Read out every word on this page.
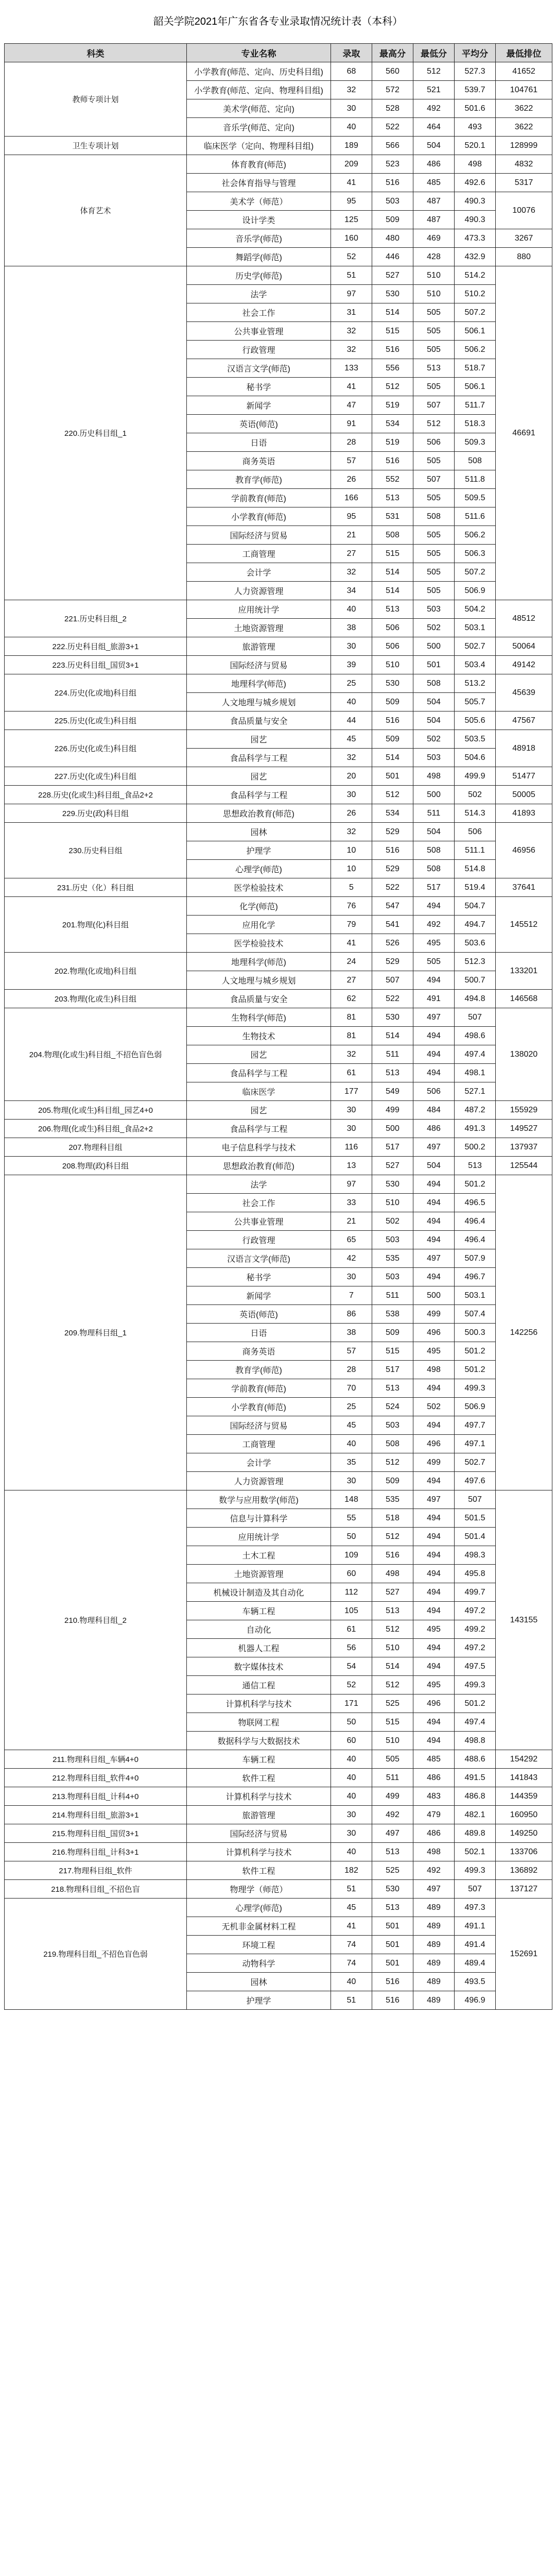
韶关学院2021年广东省各专业录取情况统计表（本科）
科类	专业名称	录取	最高分	最低分	平均分	最低排位
教师专项计划	小学教育(师范、定向、历史科目组)	68	560	512	527.3	41652
	小学教育(师范、定向、物理科目组)	32	572	521	539.7	104761
	美术学(师范、定向)	30	528	492	501.6	3622
	音乐学(师范、定向)	40	522	464	493	3622
卫生专项计划	临床医学（定向、物理科目组)	189	566	504	520.1	128999
体育艺术	体育教育(师范)	209	523	486	498	4832
	社会体育指导与管理	41	516	485	492.6	5317
	美术学（师范）	95	503	487	490.3	10076
	设计学类	125	509	487	490.3	
	音乐学(师范)	160	480	469	473.3	3267
	舞蹈学(师范)	52	446	428	432.9	880
220.历史科目组_1	历史学(师范)	51	527	510	514.2	46691
	法学	97	530	510	510.2	
	社会工作	31	514	505	507.2	
	公共事业管理	32	515	505	506.1	
	行政管理	32	516	505	506.2	
	汉语言文学(师范)	133	556	513	518.7	
	秘书学	41	512	505	506.1	
	新闻学	47	519	507	511.7	
	英语(师范)	91	534	512	518.3	
	日语	28	519	506	509.3	
	商务英语	57	516	505	508	
	教育学(师范)	26	552	507	511.8	
	学前教育(师范)	166	513	505	509.5	
	小学教育(师范)	95	531	508	511.6	
	国际经济与贸易	21	508	505	506.2	
	工商管理	27	515	505	506.3	
	会计学	32	514	505	507.2	
	人力资源管理	34	514	505	506.9	
221.历史科目组_2	应用统计学	40	513	503	504.2	48512
	土地资源管理	38	506	502	503.1	
222.历史科目组_旅游3+1	旅游管理	30	506	500	502.7	50064
223.历史科目组_国贸3+1	国际经济与贸易	39	510	501	503.4	49142
224.历史(化或地)科目组	地理科学(师范)	25	530	508	513.2	45639
	人文地理与城乡规划	40	509	504	505.7	
225.历史(化或生)科目组	食品质量与安全	44	516	504	505.6	47567
226.历史(化或生)科目组	园艺	45	509	502	503.5	48918
	食品科学与工程	32	514	503	504.6	
227.历史(化或生)科目组	园艺	20	501	498	499.9	51477
228.历史(化或生)科目组_食品2+2	食品科学与工程	30	512	500	502	50005
229.历史(政)科目组	思想政治教育(师范)	26	534	511	514.3	41893
230.历史科目组	园林	32	529	504	506	46956
	护理学	10	516	508	511.1	
	心理学(师范)	10	529	508	514.8	
231.历史（化）科目组	医学检验技术	5	522	517	519.4	37641
201.物理(化)科目组	化学(师范)	76	547	494	504.7	145512
	应用化学	79	541	492	494.7	
	医学检验技术	41	526	495	503.6	
202.物理(化或地)科目组	地理科学(师范)	24	529	505	512.3	133201
	人文地理与城乡规划	27	507	494	500.7	
203.物理(化或生)科目组	食品质量与安全	62	522	491	494.8	146568
204.物理(化或生)科目组_不招色盲色弱	生物科学(师范)	81	530	497	507	138020
	生物技术	81	514	494	498.6	
	园艺	32	511	494	497.4	
	食品科学与工程	61	513	494	498.1	
	临床医学	177	549	506	527.1	
205.物理(化或生)科目组_园艺4+0	园艺	30	499	484	487.2	155929
206.物理(化或生)科目组_食品2+2	食品科学与工程	30	500	486	491.3	149527
207.物理科目组	电子信息科学与技术	116	517	497	500.2	137937
208.物理(政)科目组	思想政治教育(师范)	13	527	504	513	125544
209.物理科目组_1	法学	97	530	494	501.2	142256
	社会工作	33	510	494	496.5	
	公共事业管理	21	502	494	496.4	
	行政管理	65	503	494	496.4	
	汉语言文学(师范)	42	535	497	507.9	
	秘书学	30	503	494	496.7	
	新闻学	7	511	500	503.1	
	英语(师范)	86	538	499	507.4	
	日语	38	509	496	500.3	
	商务英语	57	515	495	501.2	
	教育学(师范)	28	517	498	501.2	
	学前教育(师范)	70	513	494	499.3	
	小学教育(师范)	25	524	502	506.9	
	国际经济与贸易	45	503	494	497.7	
	工商管理	40	508	496	497.1	
	会计学	35	512	499	502.7	
	人力资源管理	30	509	494	497.6	
210.物理科目组_2	数学与应用数学(师范)	148	535	497	507	143155
	信息与计算科学	55	518	494	501.5	
	应用统计学	50	512	494	501.4	
	土木工程	109	516	494	498.3	
	土地资源管理	60	498	494	495.8	
	机械设计制造及其自动化	112	527	494	499.7	
	车辆工程	105	513	494	497.2	
	自动化	61	512	495	499.2	
	机器人工程	56	510	494	497.2	
	数字媒体技术	54	514	494	497.5	
	通信工程	52	512	495	499.3	
	计算机科学与技术	171	525	496	501.2	
	物联网工程	50	515	494	497.4	
	数据科学与大数据技术	60	510	494	498.8	
211.物理科目组_车辆4+0	车辆工程	40	505	485	488.6	154292
212.物理科目组_软件4+0	软件工程	40	511	486	491.5	141843
213.物理科目组_计科4+0	计算机科学与技术	40	499	483	486.8	144359
214.物理科目组_旅游3+1	旅游管理	30	492	479	482.1	160950
215.物理科目组_国贸3+1	国际经济与贸易	30	497	486	489.8	149250
216.物理科目组_计科3+1	计算机科学与技术	40	513	498	502.1	133706
217.物理科目组_软件	软件工程	182	525	492	499.3	136892
218.物理科目组_不招色盲	物理学（师范）	51	530	497	507	137127
219.物理科目组_不招色盲色弱	心理学(师范)	45	513	489	497.3	152691
	无机非金属材料工程	41	501	489	491.1	
	环境工程	74	501	489	491.4	
	动物科学	74	501	489	489.4	
	园林	40	516	489	493.5	
	护理学	51	516	489	496.9	
